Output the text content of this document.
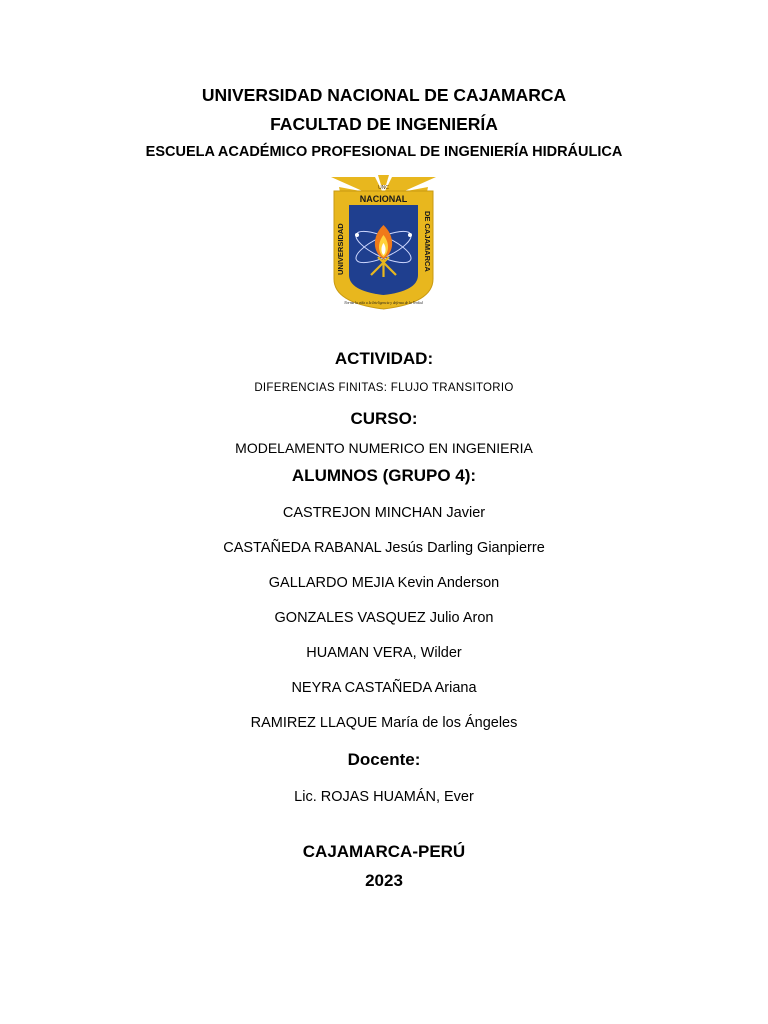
UNIVERSIDAD NACIONAL DE CAJAMARCA
FACULTAD DE INGENIERÍA
ESCUELA ACADÉMICO PROFESIONAL DE INGENIERÍA HIDRÁULICA
UNC
NACIONAL
UNIVERSIDAD	DE CAJAMARCA
Norma la vida a la Inteligencia y defensa de la Verdad
ACTIVIDAD:
DIFERENCIAS FINITAS: FLUJO TRANSITORIO
CURSO:
MODELAMENTO NUMERICO EN INGENIERIA
ALUMNOS (GRUPO 4):
CASTREJON MINCHAN Javier
CASTAÑEDA RABANAL Jesús Darling Gianpierre
GALLARDO MEJIA Kevin Anderson
GONZALES VASQUEZ Julio Aron
HUAMAN VERA, Wilder
NEYRA CASTAÑEDA Ariana
RAMIREZ LLAQUE María de los Ángeles
Docente:
Lic. ROJAS HUAMÁN, Ever
CAJAMARCA-PERÚ
2023
